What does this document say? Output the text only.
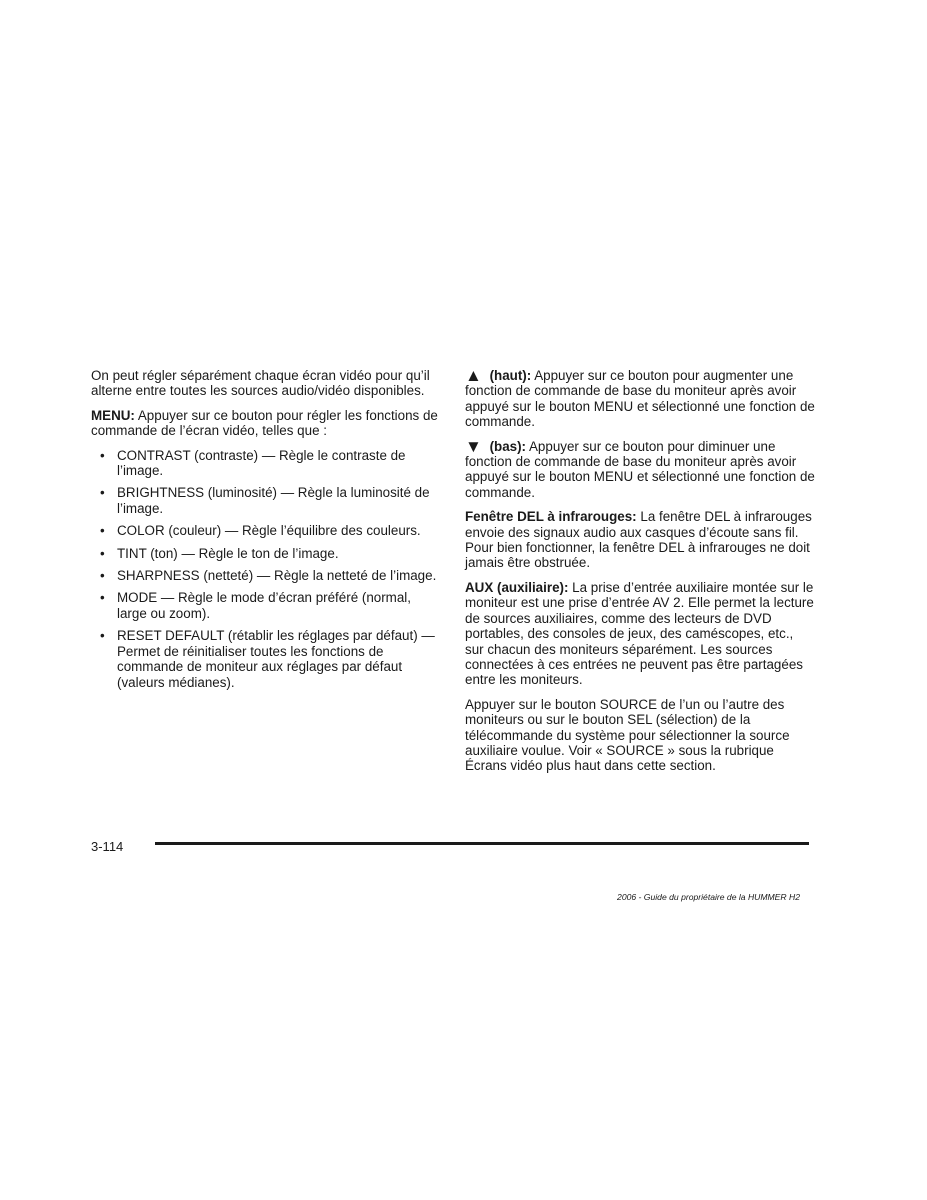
On peut régler séparément chaque écran vidéo pour qu’il alterne entre toutes les sources audio/vidéo disponibles.

MENU: Appuyer sur ce bouton pour régler les fonctions de commande de l’écran vidéo, telles que :

• CONTRAST (contraste) — Règle le contraste de l’image.
• BRIGHTNESS (luminosité) — Règle la luminosité de l’image.
• COLOR (couleur) — Règle l’équilibre des couleurs.
• TINT (ton) — Règle le ton de l’image.
• SHARPNESS (netteté) — Règle la netteté de l’image.
• MODE — Règle le mode d’écran préféré (normal, large ou zoom).
• RESET DEFAULT (rétablir les réglages par défaut) — Permet de réinitialiser toutes les fonctions de commande de moniteur aux réglages par défaut (valeurs médianes).

▲ (haut): Appuyer sur ce bouton pour augmenter une fonction de commande de base du moniteur après avoir appuyé sur le bouton MENU et sélectionné une fonction de commande.

▼ (bas): Appuyer sur ce bouton pour diminuer une fonction de commande de base du moniteur après avoir appuyé sur le bouton MENU et sélectionné une fonction de commande.

Fenêtre DEL à infrarouges: La fenêtre DEL à infrarouges envoie des signaux audio aux casques d’écoute sans fil. Pour bien fonctionner, la fenêtre DEL à infrarouges ne doit jamais être obstruée.

AUX (auxiliaire): La prise d’entrée auxiliaire montée sur le moniteur est une prise d’entrée AV 2. Elle permet la lecture de sources auxiliaires, comme des lecteurs de DVD portables, des consoles de jeux, des caméscopes, etc., sur chacun des moniteurs séparément. Les sources connectées à ces entrées ne peuvent pas être partagées entre les moniteurs.

Appuyer sur le bouton SOURCE de l’un ou l’autre des moniteurs ou sur le bouton SEL (sélection) de la télécommande du système pour sélectionner la source auxiliaire voulue. Voir « SOURCE » sous la rubrique Écrans vidéo plus haut dans cette section.

3-114
2006 - Guide du propriétaire de la HUMMER H2
